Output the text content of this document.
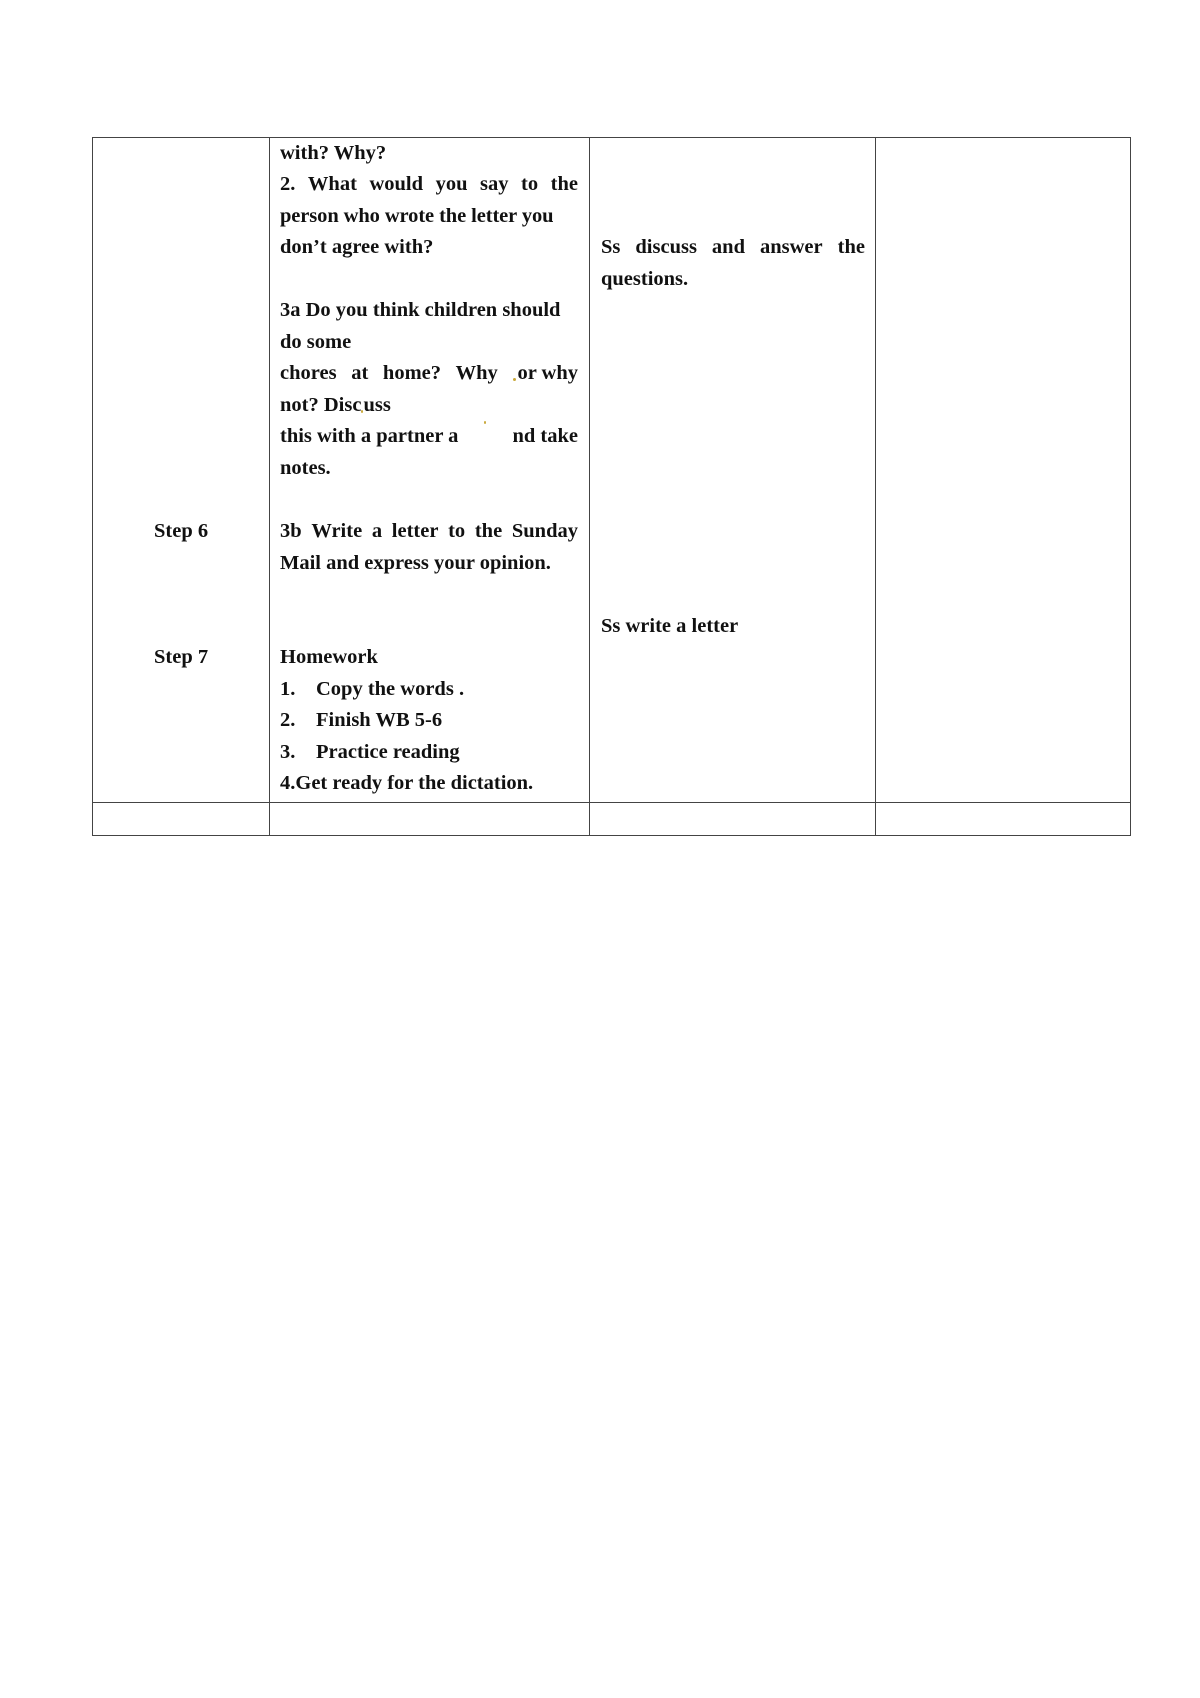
Step 6
Step 7
with? Why?
2. What would you say to the
person who wrote the letter you
don’t agree with?
3a Do you think children should
do some
chores at home? Why or why
not? Discuss
this with a partner a	nd take
notes.
3b Write a letter to the Sunday
Mail and express your opinion.
Homework
1. Copy the words .
2. Finish WB 5-6
3. Practice reading
4.Get ready for the dictation.
Ss discuss and answer the
questions.
Ss write a letter
